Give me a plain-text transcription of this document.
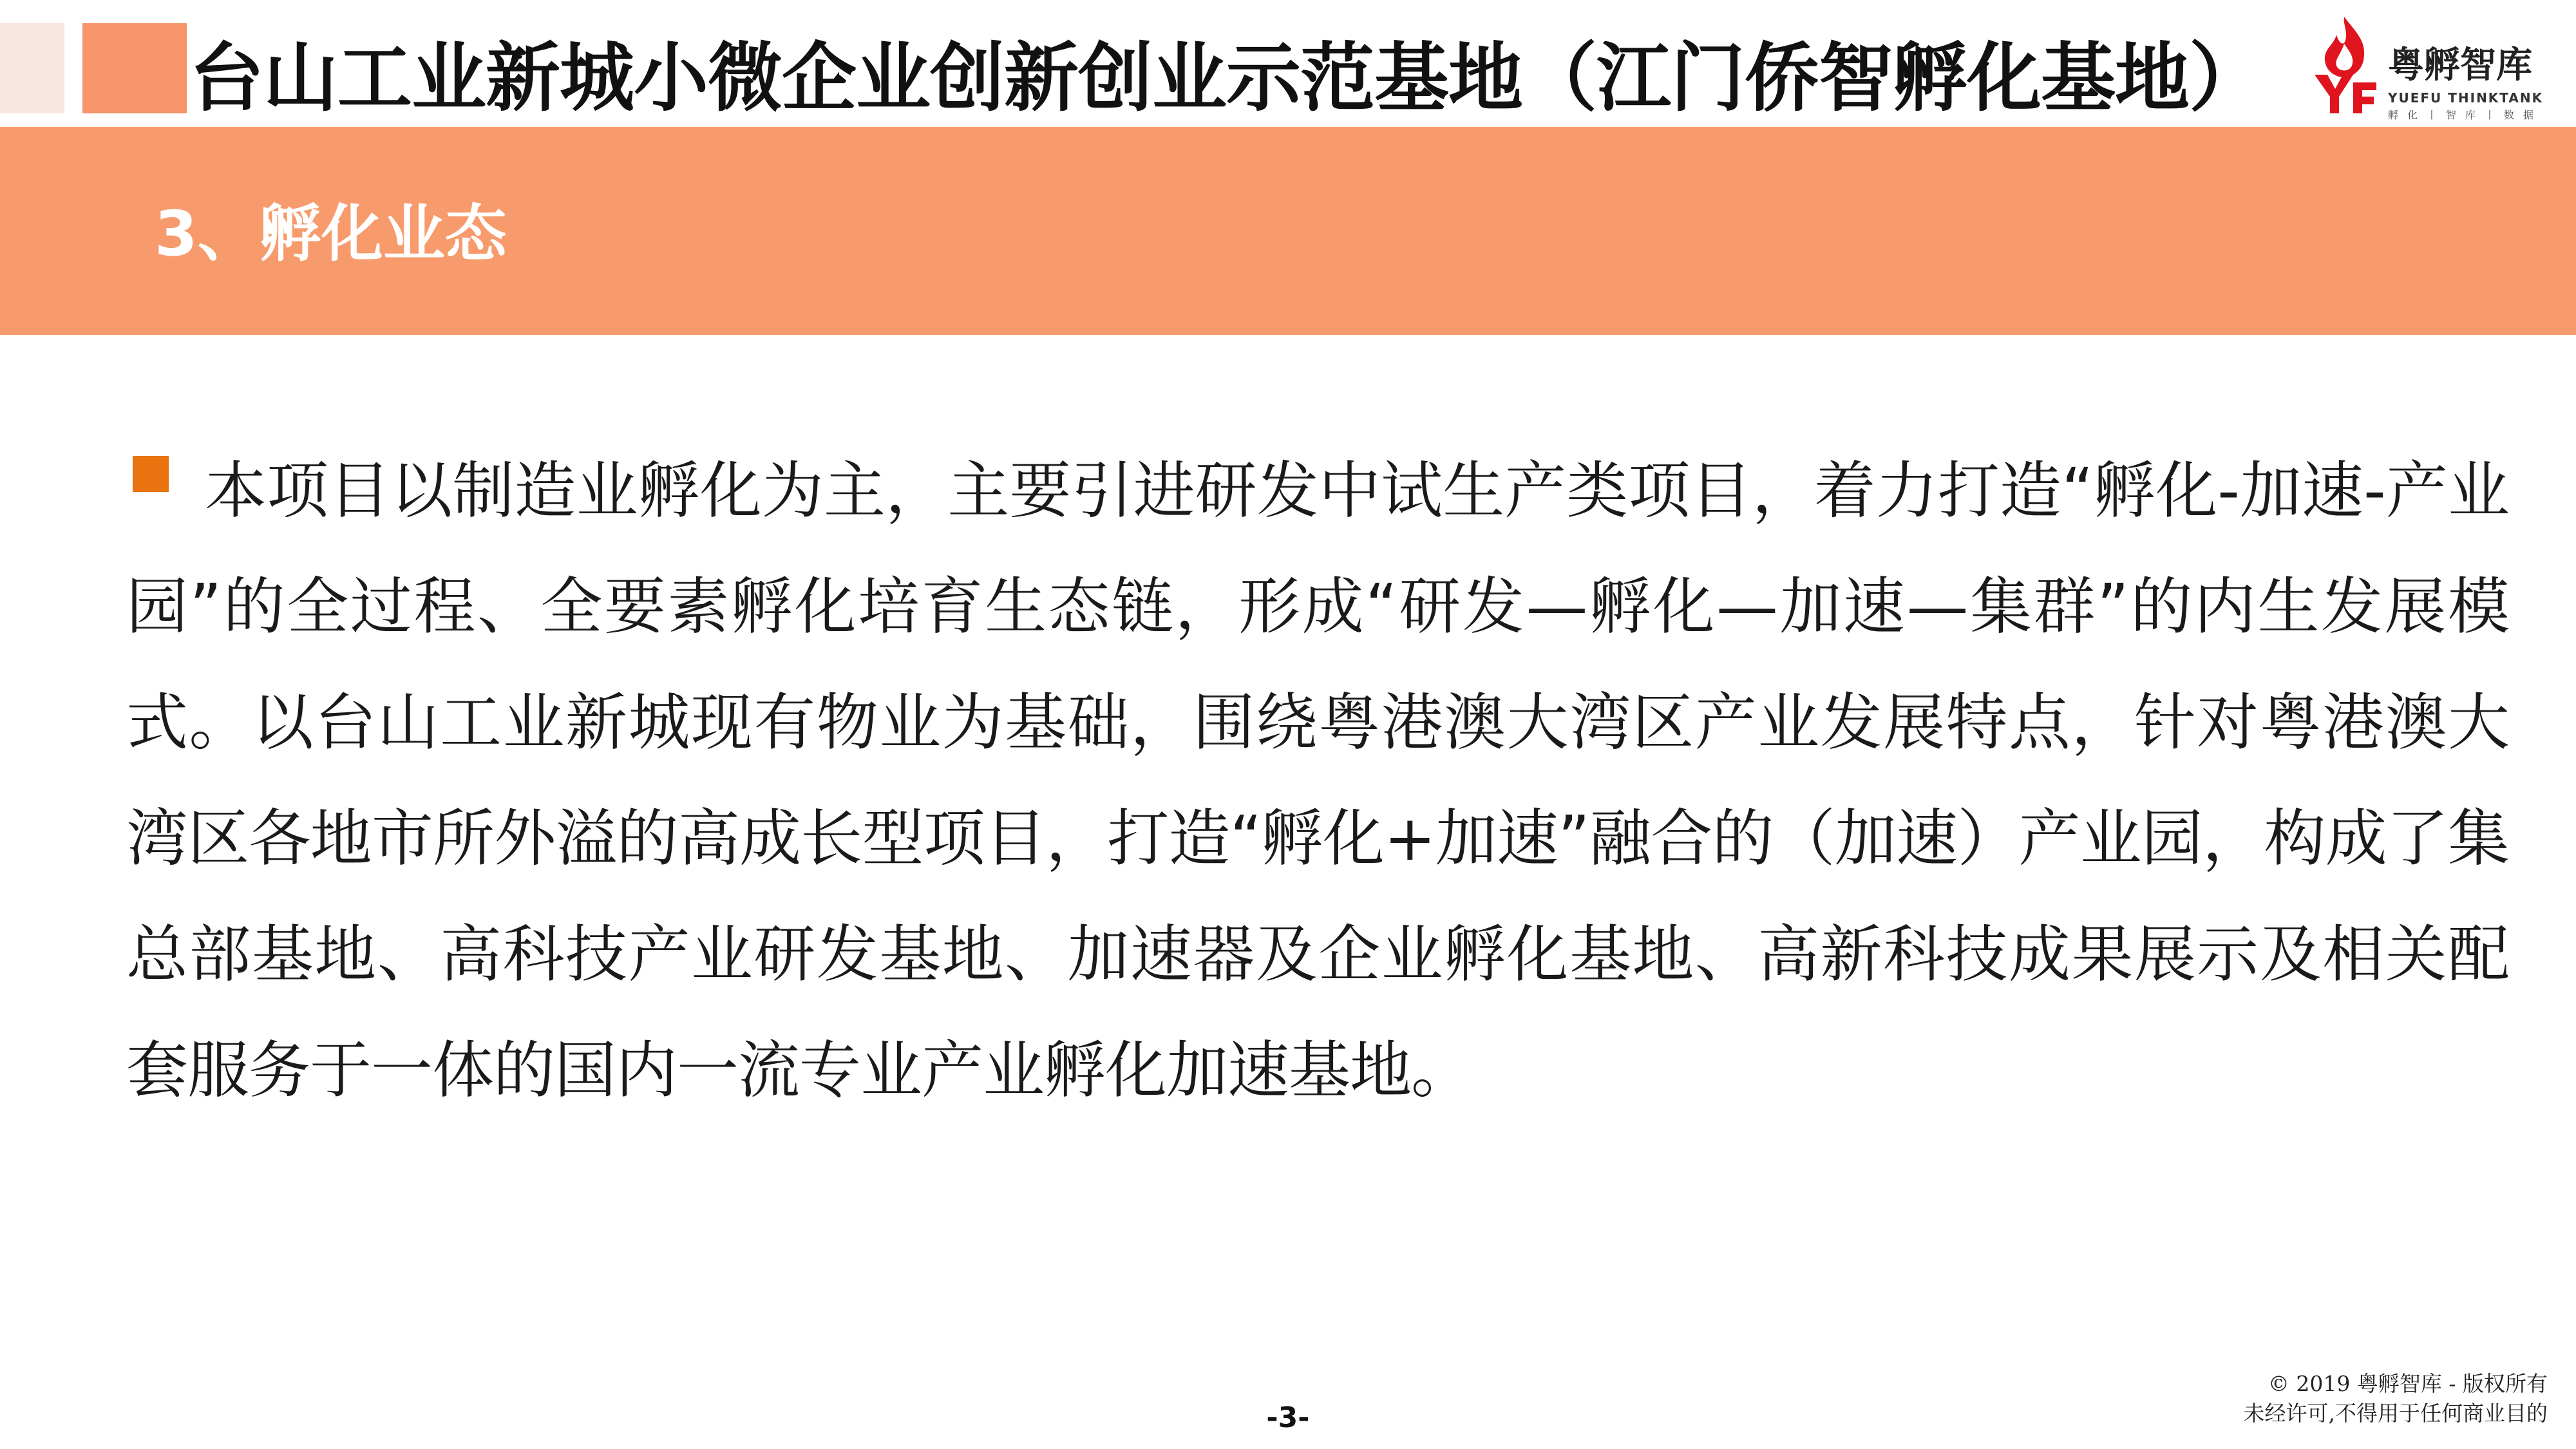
台山工业新城小微企业创新创业示范基地（江门侨智孵化基地）	粤孵智库
YUEFU THINKTANK
孵化丨智库丨数据
3、孵化业态

本项目以制造业孵化为主，主要引进研发中试生产类项目，着力打造“孵化-加速-产业园”的全过程、全要素孵化培育生态链，形成“研发—孵化—加速—集群”的内生发展模式。以台山工业新城现有物业为基础，围绕粤港澳大湾区产业发展特点，针对粤港澳大湾区各地市所外溢的高成长型项目，打造“孵化+加速”融合的（加速）产业园，构成了集总部基地、高科技产业研发基地、加速器及企业孵化基地、高新科技成果展示及相关配套服务于一体的国内一流专业产业孵化加速基地。

© 2019 粤孵智库 - 版权所有
未经许可,不得用于任何商业目的
-3-
